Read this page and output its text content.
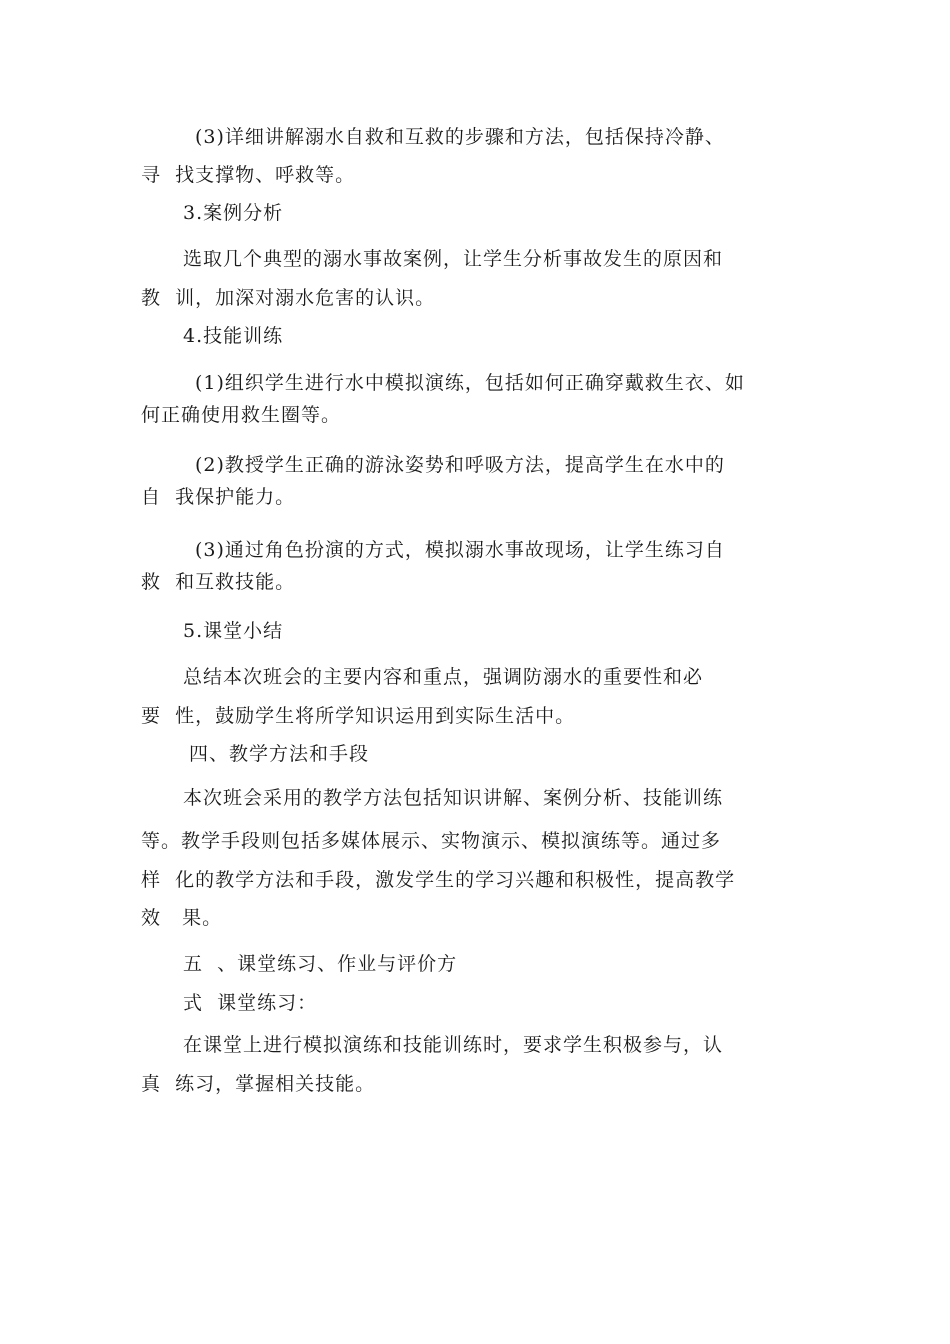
(3)详细讲解溺水自救和互救的步骤和方法，包括保持冷静、
寻  找支撑物、呼救等。
3.案例分析
选取几个典型的溺水事故案例，让学生分析事故发生的原因和
教  训，加深对溺水危害的认识。
4.技能训练
(1)组织学生进行水中模拟演练，包括如何正确穿戴救生衣、如
何正确使用救生圈等。
(2)教授学生正确的游泳姿势和呼吸方法，提高学生在水中的
自  我保护能力。
(3)通过角色扮演的方式，模拟溺水事故现场，让学生练习自
救  和互救技能。
5.课堂小结
总结本次班会的主要内容和重点，强调防溺水的重要性和必
要  性，鼓励学生将所学知识运用到实际生活中。
四、教学方法和手段
本次班会采用的教学方法包括知识讲解、案例分析、技能训练
等。教学手段则包括多媒体展示、实物演示、模拟演练等。通过多
样  化的教学方法和手段，激发学生的学习兴趣和积极性，提高教学
效   果。
五  、课堂练习、作业与评价方
式  课堂练习：
在课堂上进行模拟演练和技能训练时，要求学生积极参与，认
真  练习，掌握相关技能。
